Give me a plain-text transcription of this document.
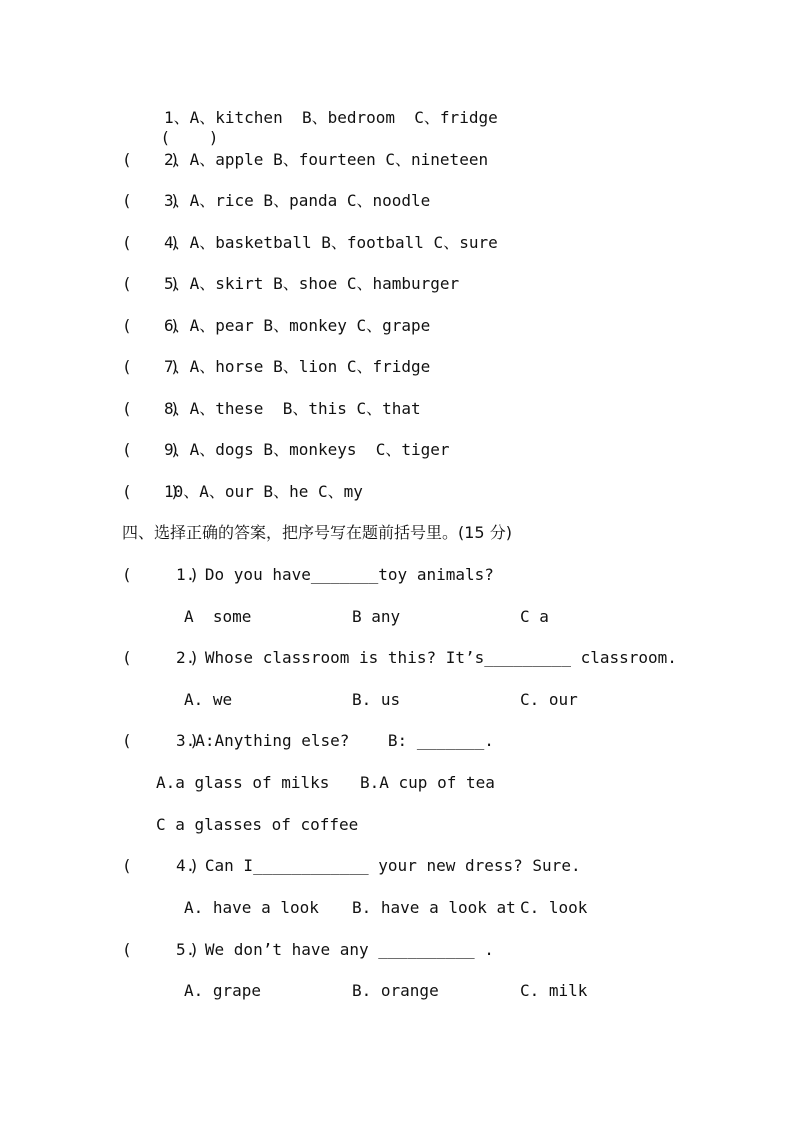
(    )

1、A、kitchen  B、bedroom  C、fridge
(    )
2、A、apple B、fourteen C、nineteen
(    )
3、A、rice B、panda C、noodle
(    )
4、A、basketball B、football C、sure
(    )
5、A、skirt B、shoe C、hamburger
(    )
6、A、pear B、monkey C、grape
(    )
7、A、horse B、lion C、fridge
(    )
8、A、these  B、this C、that
(    )
9、A、dogs B、monkeys  C、tiger
(    )
10、A、our B、he C、my
四、选择正确的答案，把序号写在题前括号里。(15 分)
(      )
1. Do you have_______toy animals?
A  some	B any	C a
(      )
2. Whose classroom is this? It’s_________ classroom.
A. we	B. us	C. our
(      )
3.A:Anything else?    B: _______.
A.a glass of milks B.A cup of tea
C a glasses of coffee
(      )
4. Can I____________ your new dress? Sure.
A. have a look B. have a look at C. look
(      )
5. We don’t have any __________ .
A. grape	B. orange	C. milk
